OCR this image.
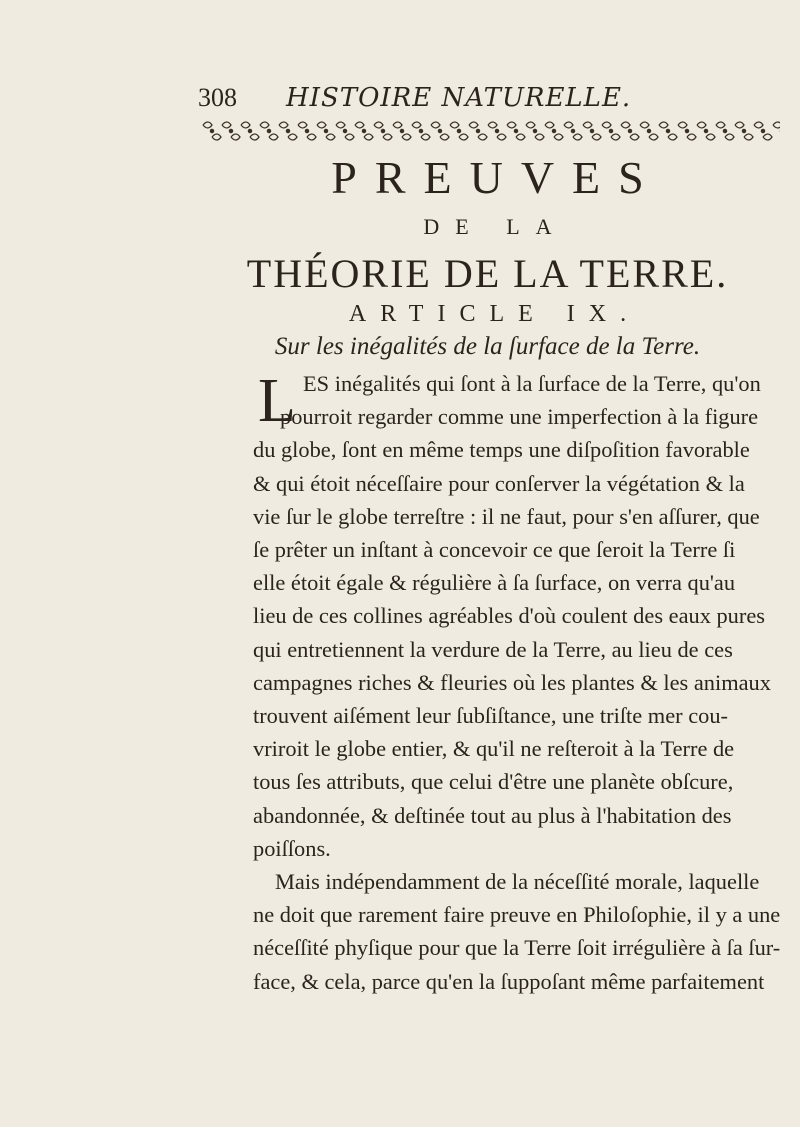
308 HISTOIRE NATURELLE.
PREUVES
DE LA
THÉORIE DE LA TERRE.
ARTICLE IX.
Sur les inégalités de la ſurface de la Terre.
L ES inégalités qui ſont à la ſurface de la Terre, qu'on
pourroit regarder comme une imperfection à la figure
du globe, ſont en même temps une diſpoſition favorable
& qui étoit néceſſaire pour conſerver la végétation & la
vie ſur le globe terreſtre : il ne faut, pour s'en aſſurer, que
ſe prêter un inſtant à concevoir ce que ſeroit la Terre ſi
elle étoit égale & régulière à ſa ſurface, on verra qu'au
lieu de ces collines agréables d'où coulent des eaux pures
qui entretiennent la verdure de la Terre, au lieu de ces
campagnes riches & fleuries où les plantes & les animaux
trouvent aiſément leur ſubſiſtance, une triſte mer cou-
vriroit le globe entier, & qu'il ne reſteroit à la Terre de
tous ſes attributs, que celui d'être une planète obſcure,
abandonnée, & deſtinée tout au plus à l'habitation des
poiſſons.
Mais indépendamment de la néceſſité morale, laquelle
ne doit que rarement faire preuve en Philoſophie, il y a une
néceſſité phyſique pour que la Terre ſoit irrégulière à ſa ſur-
face, & cela, parce qu'en la ſuppoſant même parfaitement
